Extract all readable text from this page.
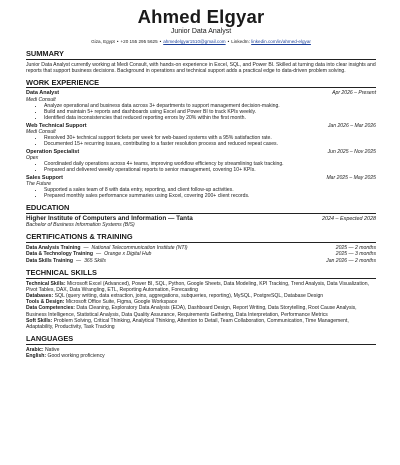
Ahmed Elgyar
Junior Data Analyst
Giza, Egypt • +20 155 295 5625 • ahmedelgyar1510@gmail.com • LinkedIn: linkedin.com/in/ahmed-elgyar
SUMMARY
Junior Data Analyst currently working at Medi Consult, with hands-on experience in Excel, SQL, and Power BI. Skilled at turning data into clear insights and reports that support business decisions. Background in operations and technical support adds a practical edge to data-driven problem solving.
WORK EXPERIENCE
Data Analyst	Apr 2026 – Present
Medi Consult
• Analyze operational and business data across 3+ departments to support management decision-making.
• Build and maintain 5+ reports and dashboards using Excel and Power BI to track KPIs weekly.
• Identified data inconsistencies that reduced reporting errors by 20% within the first month.
Web Technical Support	Jan 2026 – Mar 2026
Medi Consult
• Resolved 30+ technical support tickets per week for web-based systems with a 95% satisfaction rate.
• Documented 15+ recurring issues, contributing to a faster resolution process and reduced repeat cases.
Operation Specialist	Jun 2025 – Nov 2025
Opex
• Coordinated daily operations across 4+ teams, improving workflow efficiency by streamlining task tracking.
• Prepared and delivered weekly operational reports to senior management, covering 10+ KPIs.
Sales Support	Mar 2025 – May 2025
The Future
• Supported a sales team of 8 with data entry, reporting, and client follow-up activities.
• Prepared monthly sales performance summaries using Excel, covering 200+ client records.
EDUCATION
Higher Institute of Computers and Information — Tanta	2024 – Expected 2028
Bachelor of Business Information Systems (BIS)
CERTIFICATIONS & TRAINING
Data Analysis Training — National Telecommunication Institute (NTI)	2025 — 2 months
Data & Technology Training — Orange x Digital Hub	2025 — 3 months
Data Skills Training — 365 Skills	Jan 2026 — 2 months
TECHNICAL SKILLS
Technical Skills: Microsoft Excel (Advanced), Power BI, SQL, Python, Google Sheets, Data Modeling, KPI Tracking, Trend Analysis, Data Visualization, Pivot Tables, DAX, Data Wrangling, ETL, Reporting Automation, Forecasting
Databases: SQL (query writing, data extraction, joins, aggregations, subqueries, reporting), MySQL, PostgreSQL, Database Design
Tools & Design: Microsoft Office Suite, Figma, Google Workspace
Data Competencies: Data Cleaning, Exploratory Data Analysis (EDA), Dashboard Design, Report Writing, Data Storytelling, Root Cause Analysis, Business Intelligence, Statistical Analysis, Data Quality Assurance, Requirements Gathering, Data Interpretation, Performance Metrics
Soft Skills: Problem Solving, Critical Thinking, Analytical Thinking, Attention to Detail, Team Collaboration, Communication, Time Management, Adaptability, Productivity, Task Tracking
LANGUAGES
Arabic: Native
English: Good working proficiency
